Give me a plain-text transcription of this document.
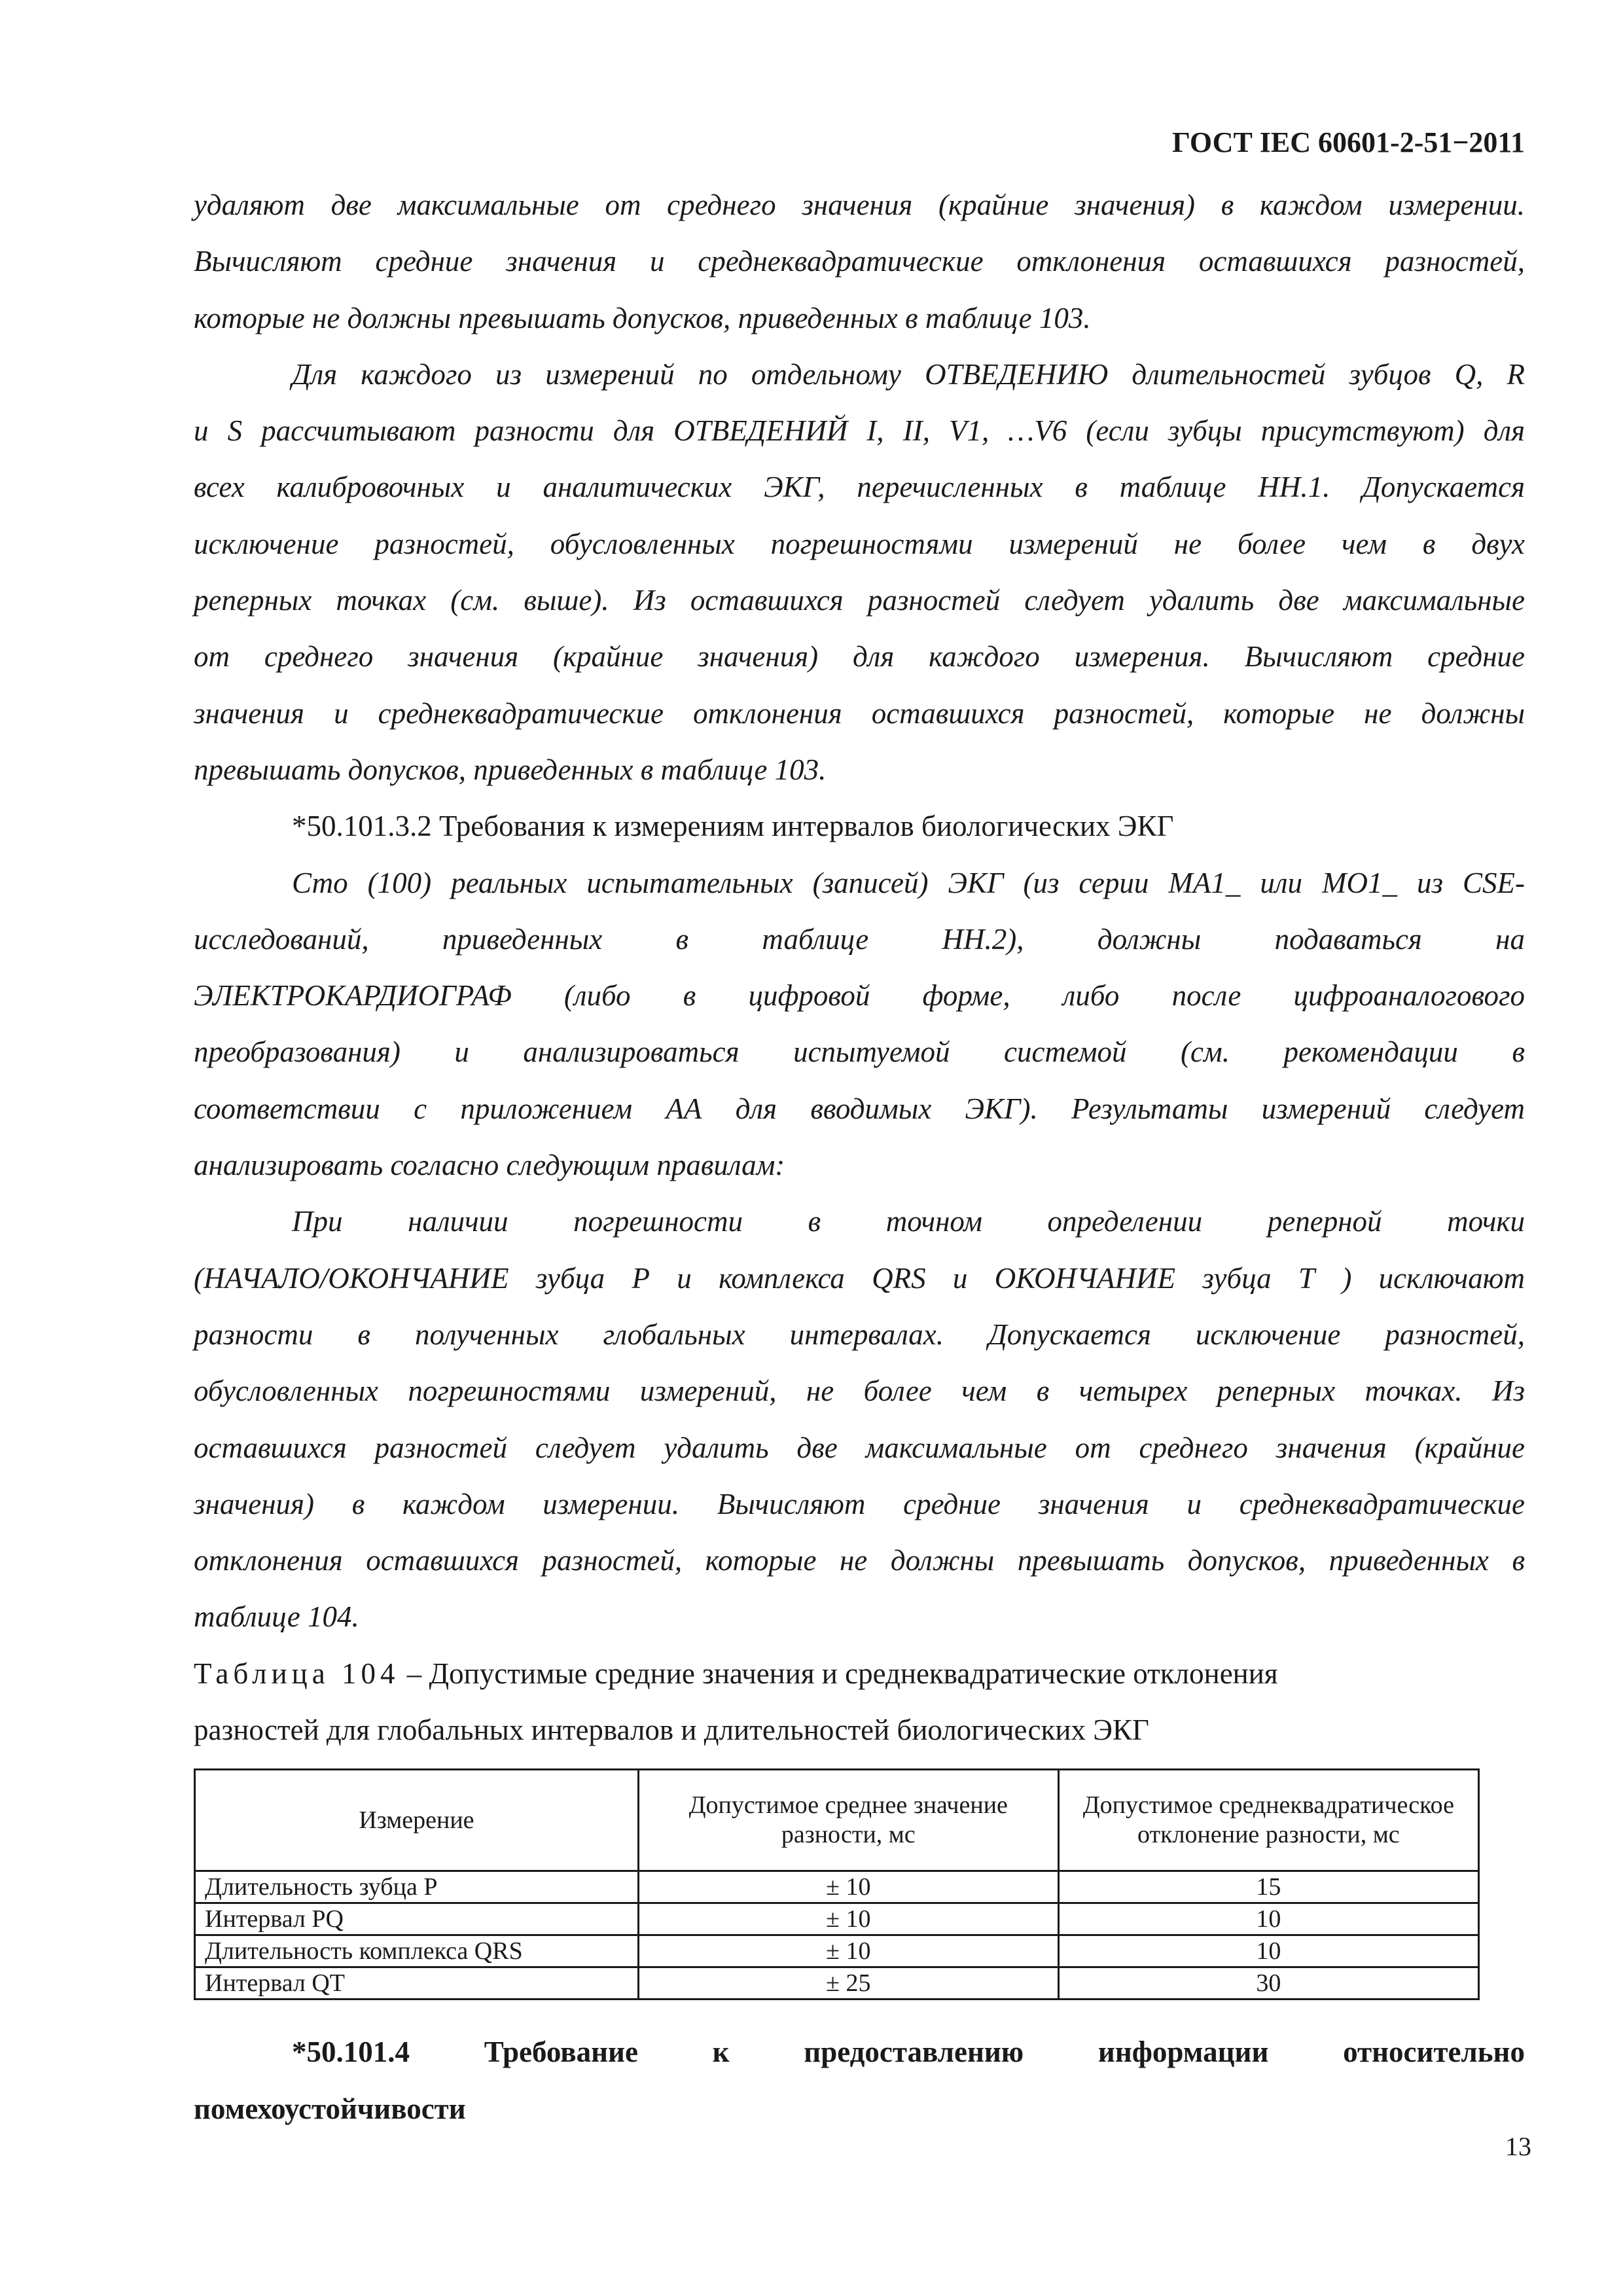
ГОСТ IEC 60601-2-51−2011

удаляют две максимальные от среднего значения (крайние значения) в каждом измерении.

Вычисляют средние значения и среднеквадратические отклонения оставшихся разностей,

которые не должны превышать допусков, приведенных в таблице 103.

Для каждого из измерений по отдельному ОТВЕДЕНИЮ длительностей зубцов Q, R

и S рассчитывают разности для ОТВЕДЕНИЙ I, II, V1, …V6 (если зубцы присутствуют) для

всех калибровочных и аналитических ЭКГ, перечисленных в таблице НН.1. Допускается

исключение разностей, обусловленных погрешностями измерений не более чем в двух

реперных точках (см. выше). Из оставшихся разностей следует удалить две максимальные

от среднего значения (крайние значения) для каждого измерения. Вычисляют средние

значения и среднеквадратические отклонения оставшихся разностей, которые не должны

превышать допусков, приведенных в таблице 103.

*50.101.3.2 Требования к измерениям интервалов биологических ЭКГ

Сто (100) реальных испытательных (записей) ЭКГ (из серии МА1_ или МО1_ из CSE-

исследований, приведенных в таблице НН.2), должны подаваться на

ЭЛЕКТРОКАРДИОГРАФ (либо в цифровой форме, либо после цифроаналогового

преобразования) и анализироваться испытуемой системой (см. рекомендации в

соответствии с приложением АА для вводимых ЭКГ). Результаты измерений следует

анализировать согласно следующим правилам:

При наличии погрешности в точном определении реперной точки

(НАЧАЛО/ОКОНЧАНИЕ зубца Р и комплекса QRS и ОКОНЧАНИЕ зубца Т ) исключают

разности в полученных глобальных интервалах. Допускается исключение разностей,

обусловленных погрешностями измерений, не более чем в четырех реперных точках. Из

оставшихся разностей следует удалить две максимальные от среднего значения (крайние

значения) в каждом измерении. Вычисляют средние значения и среднеквадратические

отклонения оставшихся разностей, которые не должны превышать допусков, приведенных в

таблице 104.

Таблица 104 – Допустимые средние значения и среднеквадратические отклонения

разностей для глобальных интервалов и длительностей биологических ЭКГ

Измерение	Допустимое среднее значение разности, мс	Допустимое среднеквадратическое отклонение разности, мс
Длительность зубца Р	± 10	15
Интервал PQ	± 10	10
Длительность комплекса QRS	± 10	10
Интервал QT	± 25	30

*50.101.4 Требование к предоставлению информации относительно

помехоустойчивости

13
